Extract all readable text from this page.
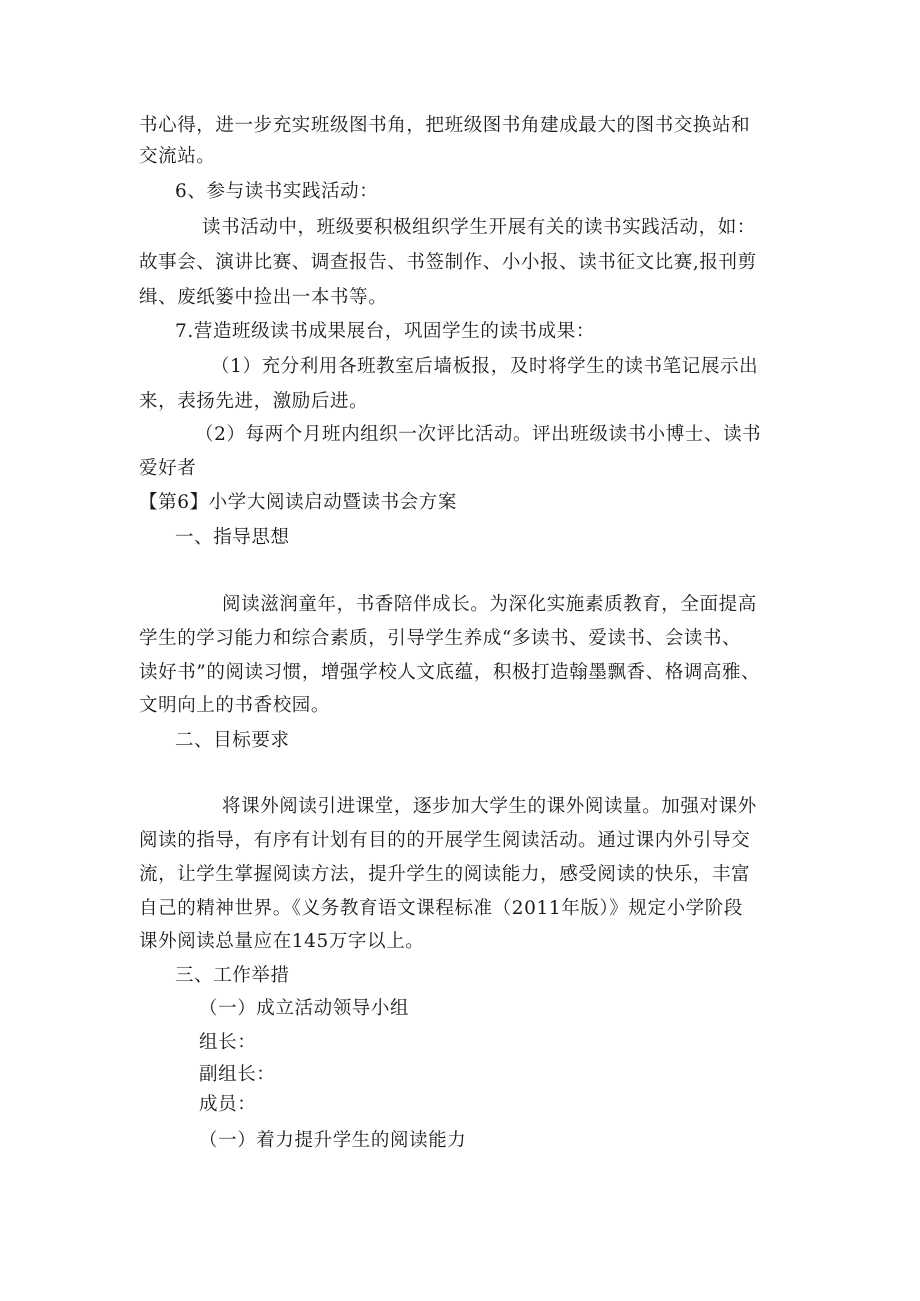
书心得，进一步充实班级图书角，把班级图书角建成最大的图书交换站和
交流站。
6、参与读书实践活动：
读书活动中，班级要积极组织学生开展有关的读书实践活动，如：
故事会、演讲比赛、调查报告、书签制作、小小报、读书征文比赛,报刊剪
缉、废纸篓中捡出一本书等。
7.营造班级读书成果展台，巩固学生的读书成果：
（1）充分利用各班教室后墙板报，及时将学生的读书笔记展示出
来，表扬先进，激励后进。
（2）每两个月班内组织一次评比活动。评出班级读书小博士、读书
爱好者
【第6】小学大阅读启动暨读书会方案
一、指导思想
阅读滋润童年，书香陪伴成长。为深化实施素质教育，全面提高
学生的学习能力和综合素质，引导学生养成“多读书、爱读书、会读书、
读好书”的阅读习惯，增强学校人文底蕴，积极打造翰墨飘香、格调高雅、
文明向上的书香校园。
二、目标要求
将课外阅读引进课堂，逐步加大学生的课外阅读量。加强对课外
阅读的指导，有序有计划有目的的开展学生阅读活动。通过课内外引导交
流，让学生掌握阅读方法，提升学生的阅读能力，感受阅读的快乐，丰富
自己的精神世界。《义务教育语文课程标准（2011年版）》规定小学阶段
课外阅读总量应在145万字以上。
三、工作举措
（一）成立活动领导小组
组长：
副组长：
成员：
（一）着力提升学生的阅读能力
